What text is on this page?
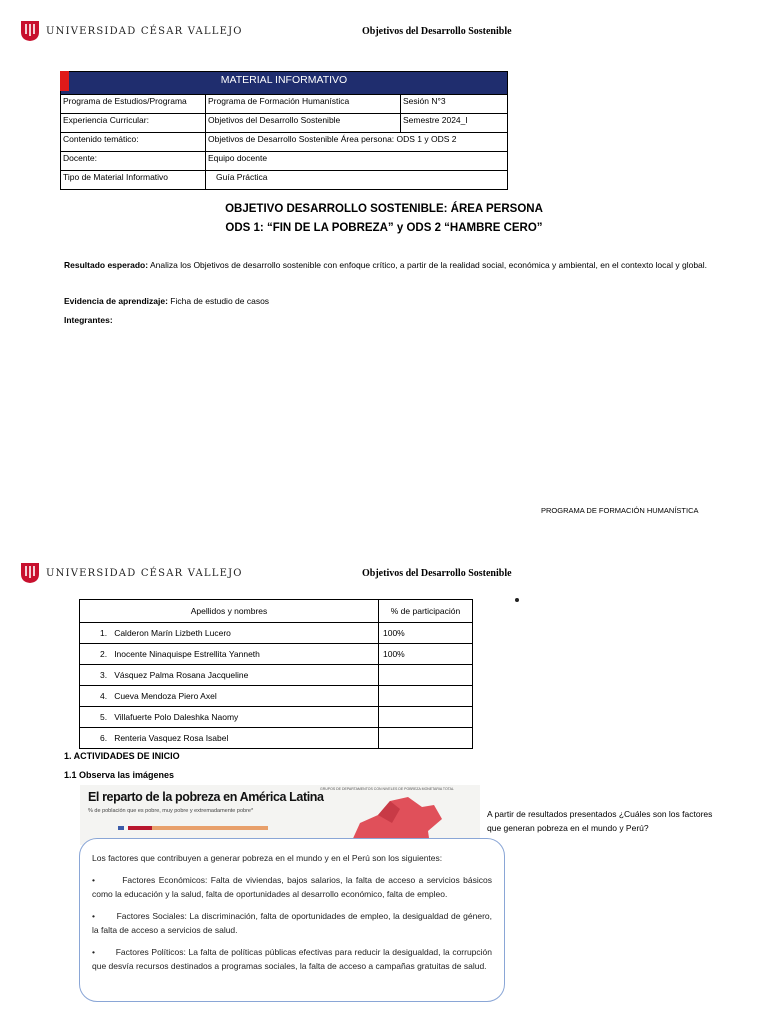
UNIVERSIDAD CÉSAR VALLEJO	Objetivos del Desarrollo Sostenible
MATERIAL INFORMATIVO		
Programa de Estudios/Programa	Programa de Formación Humanística	Sesión N°3
Experiencia Curricular:	Objetivos del Desarrollo Sostenible	Semestre 2024_I
Contenido temático:	Objetivos de Desarrollo Sostenible Área persona: ODS 1 y ODS 2	
Docente:	Equipo docente	
Tipo de Material Informativo	Guía Práctica	
OBJETIVO DESARROLLO SOSTENIBLE: ÁREA PERSONA
ODS 1: “FIN DE LA POBREZA” y ODS 2 “HAMBRE CERO”
Resultado esperado: Analiza los Objetivos de desarrollo sostenible con enfoque crítico, a partir de la realidad social, económica y ambiental, en el contexto local y global.
Evidencia de aprendizaje: Ficha de estudio de casos
Integrantes:
PROGRAMA DE FORMACIÓN HUMANÍSTICA
UNIVERSIDAD CÉSAR VALLEJO	Objetivos del Desarrollo Sostenible
Apellidos y nombres	% de participación
1. Calderon Marín Lizbeth Lucero	100%
2. Inocente Ninaquispe Estrellita Yanneth	100%
3. Vásquez Palma Rosana Jacqueline	
4. Cueva Mendoza Piero Axel	
5. Villafuerte Polo Daleshka Naomy	
6. Renteria Vasquez Rosa Isabel	
1. ACTIVIDADES DE INICIO
1.1 Observa las imágenes
El reparto de la pobreza en América Latina
% de población que es pobre, muy pobre y extremadamente pobre*
GRUPOS DE DEPARTAMENTOS CON NIVELES DE POBREZA MONETARIA TOTAL
A partir de resultados presentados ¿Cuáles son los factores que generan pobreza en el mundo y Perú?

Los factores que contribuyen a generar pobreza en el mundo y en el Perú son los siguientes:

•        Factores Económicos: Falta de viviendas, bajos salarios, la falta de acceso a servicios básicos como la educación y la salud, falta de oportunidades al desarrollo económico, falta de empleo.

•        Factores Sociales: La discriminación, falta de oportunidades de empleo, la desigualdad de género, la falta de acceso a servicios de salud.

•        Factores Políticos: La falta de políticas públicas efectivas para reducir la desigualdad, la corrupción que desvía recursos destinados a programas sociales, la falta de acceso a campañas gratuitas de salud.
